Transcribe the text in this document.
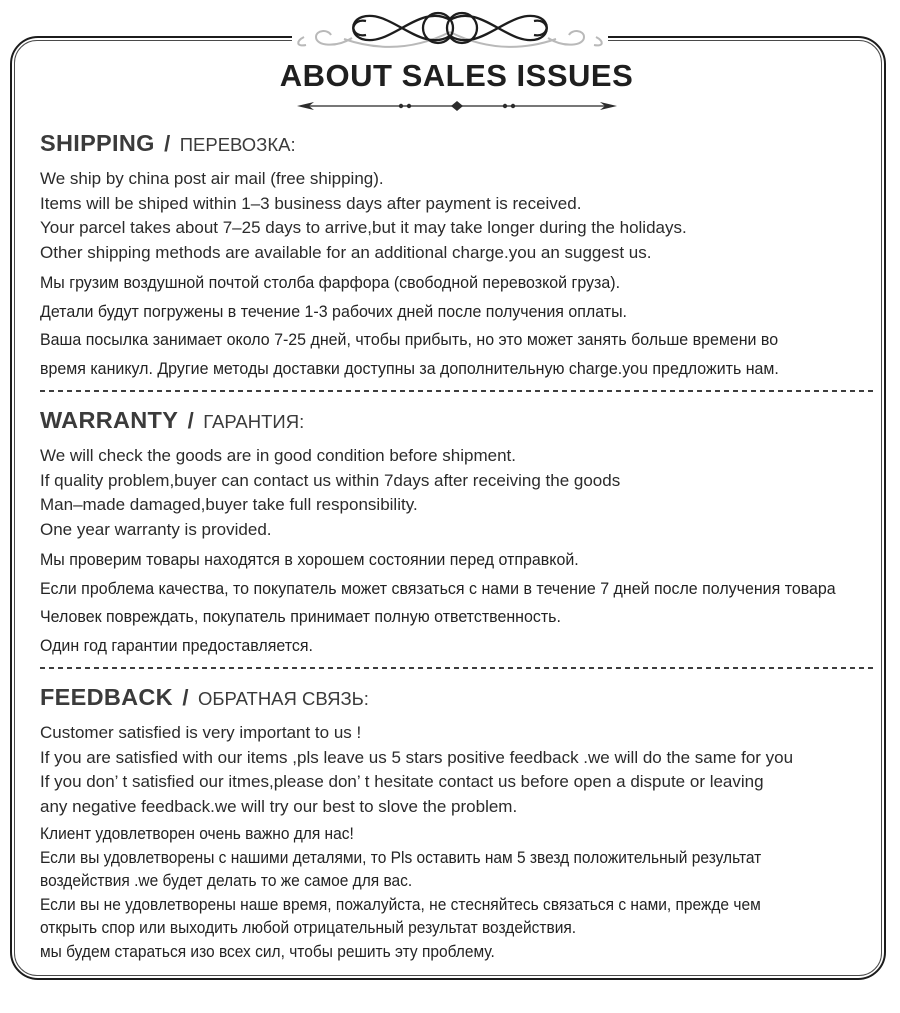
ABOUT SALES ISSUES
SHIPPING / ПЕРЕВОЗКА:
We ship by china post air mail (free shipping).
Items will be shiped within 1–3 business days after payment is received.
Your parcel takes about 7–25 days to arrive,but it may take longer during the holidays.
Other shipping methods are available for an additional charge.you an suggest us.
Мы грузим воздушной почтой столба фарфора (свободной перевозкой груза).
Детали будут погружены в течение 1-3 рабочих дней после получения оплаты.
Ваша посылка занимает около 7-25 дней, чтобы прибыть, но это может занять больше времени во
время каникул. Другие методы доставки доступны за дополнительную charge.you предложить нам.
WARRANTY / ГАРАНТИЯ:
We will check the goods are in good condition before shipment.
If quality problem,buyer can contact us within 7days after receiving the goods
Man–made damaged,buyer take full responsibility.
One year warranty is provided.
Мы проверим товары находятся в хорошем состоянии перед отправкой.
Если проблема качества, то покупатель может связаться с нами в течение 7 дней после получения товара
Человек повреждать, покупатель принимает полную ответственность.
Один год гарантии предоставляется.
FEEDBACK / ОБРАТНАЯ СВЯЗЬ:
Customer satisfied is very important to us !
If you are satisfied with our items ,pls leave us 5 stars positive feedback .we will do the same for you
If you don’ t satisfied our itmes,please don’ t hesitate contact us before open a dispute or leaving
any negative feedback.we will try our best to slove the problem.
Клиент удовлетворен очень важно для нас!
Если вы удовлетворены с нашими деталями, то Pls оставить нам 5 звезд положительный результат
воздействия .we будет делать то же самое для вас.
Если вы не удовлетворены наше время, пожалуйста, не стесняйтесь связаться с нами, прежде чем
открыть спор или выходить любой отрицательный результат воздействия.
мы будем стараться изо всех сил, чтобы решить эту проблему.
